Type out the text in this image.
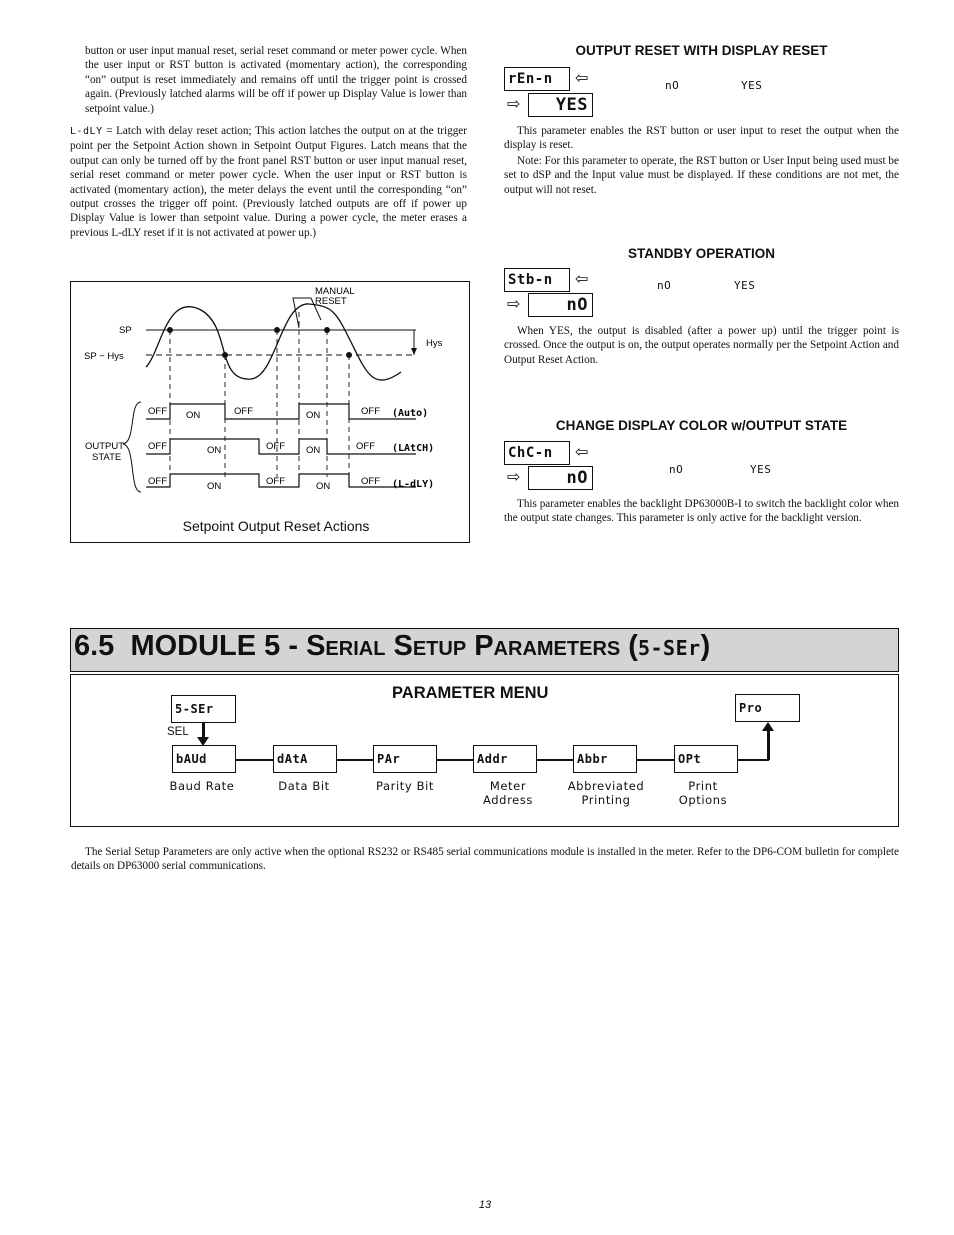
button or user input manual reset, serial reset command or meter power cycle. When the user input or RST button is activated (momentary action), the corresponding “on” output is reset immediately and remains off until the trigger point is crossed again. (Previously latched alarms will be off if power up Display Value is lower than setpoint value.)
L-dLY = Latch with delay reset action; This action latches the output on at the trigger point per the Setpoint Action shown in Setpoint Output Figures. Latch means that the output can only be turned off by the front panel RST button or user input manual reset, serial reset command or meter power cycle. When the user input or RST button is activated (momentary action), the meter delays the event until the corresponding “on” output crosses the trigger off point. (Previously latched outputs are off if power up Display Value is lower than setpoint value. During a power cycle, the meter erases a previous L-dLY reset if it is not activated at power up.)
SP
SP − Hys
Hys
MANUAL
RESET
OUTPUT
STATE
OFF ON	OFF	ON	OFF (Auto)
OFF	ON	OFF ON	OFF (LAtCH)
OFF	ON	OFF	ON	OFF (L-dLY)
Setpoint Output Reset Actions
OUTPUT RESET WITH DISPLAY RESET
rEn-n	⇦
⇨	YES
nO	YES
This parameter enables the RST button or user input to reset the output when the display is reset.
Note: For this parameter to operate, the RST button or User Input being used must be set to dSP and the Input value must be displayed. If these conditions are not met, the output will not reset.
STANDBY OPERATION
Stb-n	⇦
⇨	nO
nO	YES
When YES, the output is disabled (after a power up) until the trigger point is crossed. Once the output is on, the output operates normally per the Setpoint Action and Output Reset Action.
CHANGE DISPLAY COLOR w/OUTPUT STATE
ChC-n	⇦
⇨	nO	nO	YES
This parameter enables the backlight DP63000B-I to switch the backlight color when the output state changes. This parameter is only active for the backlight version.
6.5 MODULE 5 - Serial Setup Parameters (5-SEr)
PARAMETER MENU
5-SEr
SEL
Pro
bAUd	dAtA	PAr	Addr	Abbr	OPt
Baud Rate	Data Bit	Parity Bit	Meter
Address
Abbreviated
Printing
Print
Options
The Serial Setup Parameters are only active when the optional RS232 or RS485 serial communications module is installed in the meter. Refer to the DP6-COM bulletin for complete details on DP63000 serial communications.
13
